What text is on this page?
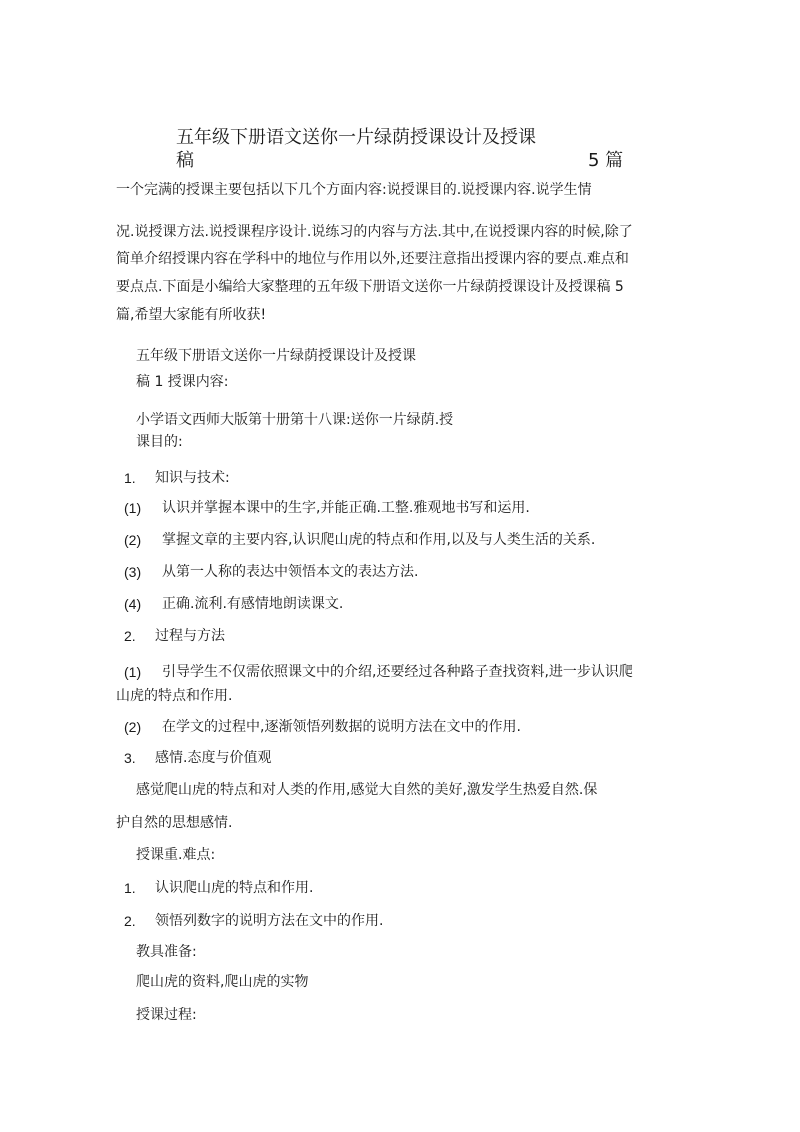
五年级下册语文送你一片绿荫授课设计及授课
稿	5 篇
一个完满的授课主要包括以下几个方面内容:说授课目的.说授课内容.说学生情
况.说授课方法.说授课程序设计.说练习的内容与方法.其中,在说授课内容的时候,除了
简单介绍授课内容在学科中的地位与作用以外,还要注意指出授课内容的要点.难点和
要点点.下面是小编给大家整理的五年级下册语文送你一片绿荫授课设计及授课稿 5
篇,希望大家能有所收获!
五年级下册语文送你一片绿荫授课设计及授课
稿 1 授课内容:
小学语文西师大版第十册第十八课:送你一片绿荫.授
课目的:
1. 知识与技术:
(1) 认识并掌握本课中的生字,并能正确.工整.雅观地书写和运用.
(2) 掌握文章的主要内容,认识爬山虎的特点和作用,以及与人类生活的关系.
(3) 从第一人称的表达中领悟本文的表达方法.
(4) 正确.流利.有感情地朗读课文.
2. 过程与方法
(1) 引导学生不仅需依照课文中的介绍,还要经过各种路子查找资料,进一步认识爬
山虎的特点和作用.
(2) 在学文的过程中,逐渐领悟列数据的说明方法在文中的作用.
3. 感情.态度与价值观
感觉爬山虎的特点和对人类的作用,感觉大自然的美好,激发学生热爱自然.保
护自然的思想感情.
授课重.难点:
1. 认识爬山虎的特点和作用.
2. 领悟列数字的说明方法在文中的作用.
教具准备:
爬山虎的资料,爬山虎的实物
授课过程:
